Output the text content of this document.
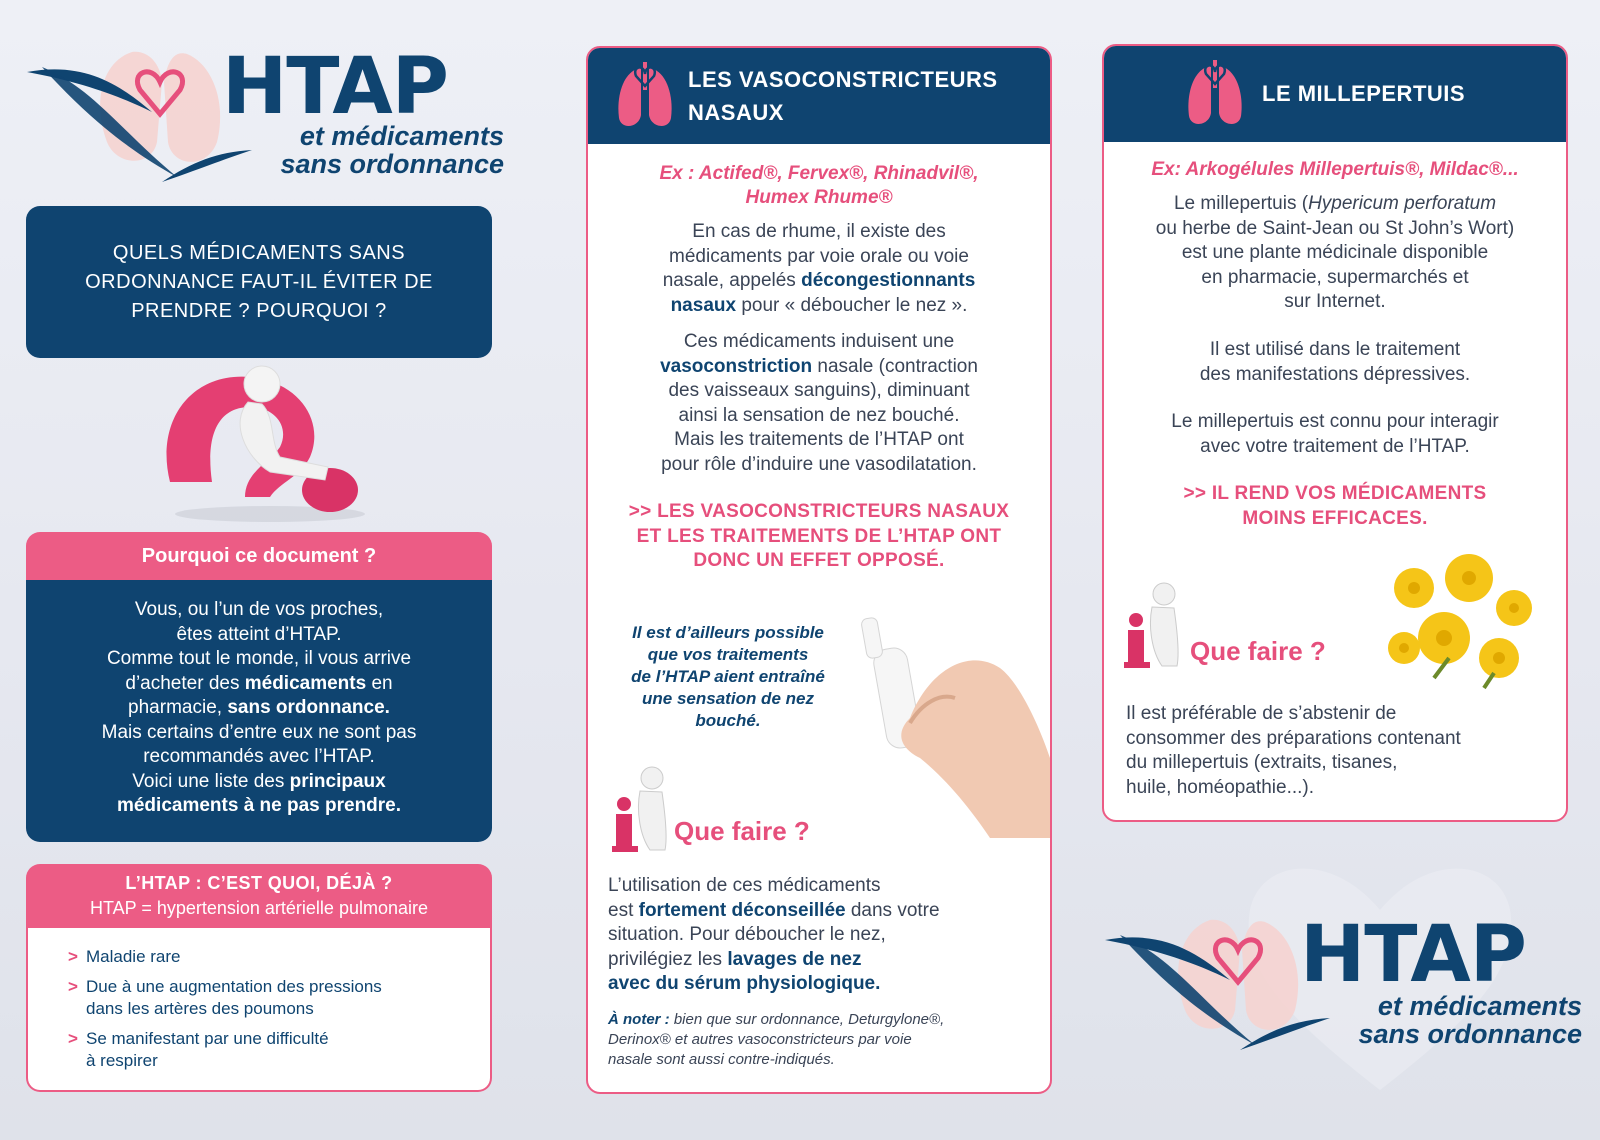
HTAP
et médicaments
sans ordonnance
QUELS MÉDICAMENTS SANS ORDONNANCE FAUT-IL ÉVITER DE PRENDRE ? POURQUOI ?
Pourquoi ce document ?
Vous, ou l’un de vos proches,
êtes atteint d’HTAP.
Comme tout le monde, il vous arrive
d’acheter des médicaments en
pharmacie, sans ordonnance.
Mais certains d’entre eux ne sont pas
recommandés avec l’HTAP.
Voici une liste des principaux
médicaments à ne pas prendre.
L’HTAP : C’EST QUOI, DÉJÀ ?
HTAP = hypertension artérielle pulmonaire
> Maladie rare
> Due à une augmentation des pressions
dans les artères des poumons
> Se manifestant par une difficulté
à respirer
LES VASOCONSTRICTEURS
NASAUX
Ex : Actifed®, Fervex®, Rhinadvil®,
Humex Rhume®
En cas de rhume, il existe des
médicaments par voie orale ou voie
nasale, appelés décongestionnants
nasaux pour « déboucher le nez ».
Ces médicaments induisent une
vasoconstriction nasale (contraction
des vaisseaux sanguins), diminuant
ainsi la sensation de nez bouché.
Mais les traitements de l’HTAP ont
pour rôle d’induire une vasodilatation.
>> LES VASOCONSTRICTEURS NASAUX
ET LES TRAITEMENTS DE L’HTAP ONT
DONC UN EFFET OPPOSÉ.
Il est d’ailleurs possible
que vos traitements
de l’HTAP aient entraîné
une sensation de nez
bouché.
Que faire ?
L’utilisation de ces médicaments
est fortement déconseillée dans votre
situation. Pour déboucher le nez,
privilégiez les lavages de nez
avec du sérum physiologique.
À noter : bien que sur ordonnance, Deturgylone®,
Derinox® et autres vasoconstricteurs par voie
nasale sont aussi contre-indiqués.
LE MILLEPERTUIS
Ex: Arkogélules Millepertuis®, Mildac®...
Le millepertuis (Hypericum perforatum
ou herbe de Saint-Jean ou St John’s Wort)
est une plante médicinale disponible
en pharmacie, supermarchés et
sur Internet.
Il est utilisé dans le traitement
des manifestations dépressives.
Le millepertuis est connu pour interagir
avec votre traitement de l’HTAP.
>> IL REND VOS MÉDICAMENTS
MOINS EFFICACES.
Que faire ?
Il est préférable de s’abstenir de
consommer des préparations contenant
du millepertuis (extraits, tisanes,
huile, homéopathie...).
HTAP
et médicaments
sans ordonnance
